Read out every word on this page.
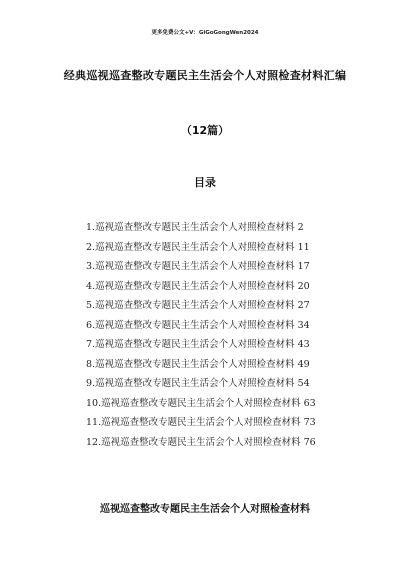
更多免费公文+V：GiGoGongWen2024
经典巡视巡查整改专题民主生活会个人对照检查材料汇编
（12篇）
目录
1.巡视巡查整改专题民主生活会个人对照检查材料 2
2.巡视巡查整改专题民主生活会个人对照检查材料 11
3.巡视巡查整改专题民主生活会个人对照检查材料 17
4.巡视巡查整改专题民主生活会个人对照检查材料 20
5.巡视巡查整改专题民主生活会个人对照检查材料 27
6.巡视巡查整改专题民主生活会个人对照检查材料 34
7.巡视巡查整改专题民主生活会个人对照检查材料 43
8.巡视巡查整改专题民主生活会个人对照检查材料 49
9.巡视巡查整改专题民主生活会个人对照检查材料 54
10.巡视巡查整改专题民主生活会个人对照检查材料 63
11.巡视巡查整改专题民主生活会个人对照检查材料 73
12.巡视巡查整改专题民主生活会个人对照检查材料 76
巡视巡查整改专题民主生活会个人对照检查材料
